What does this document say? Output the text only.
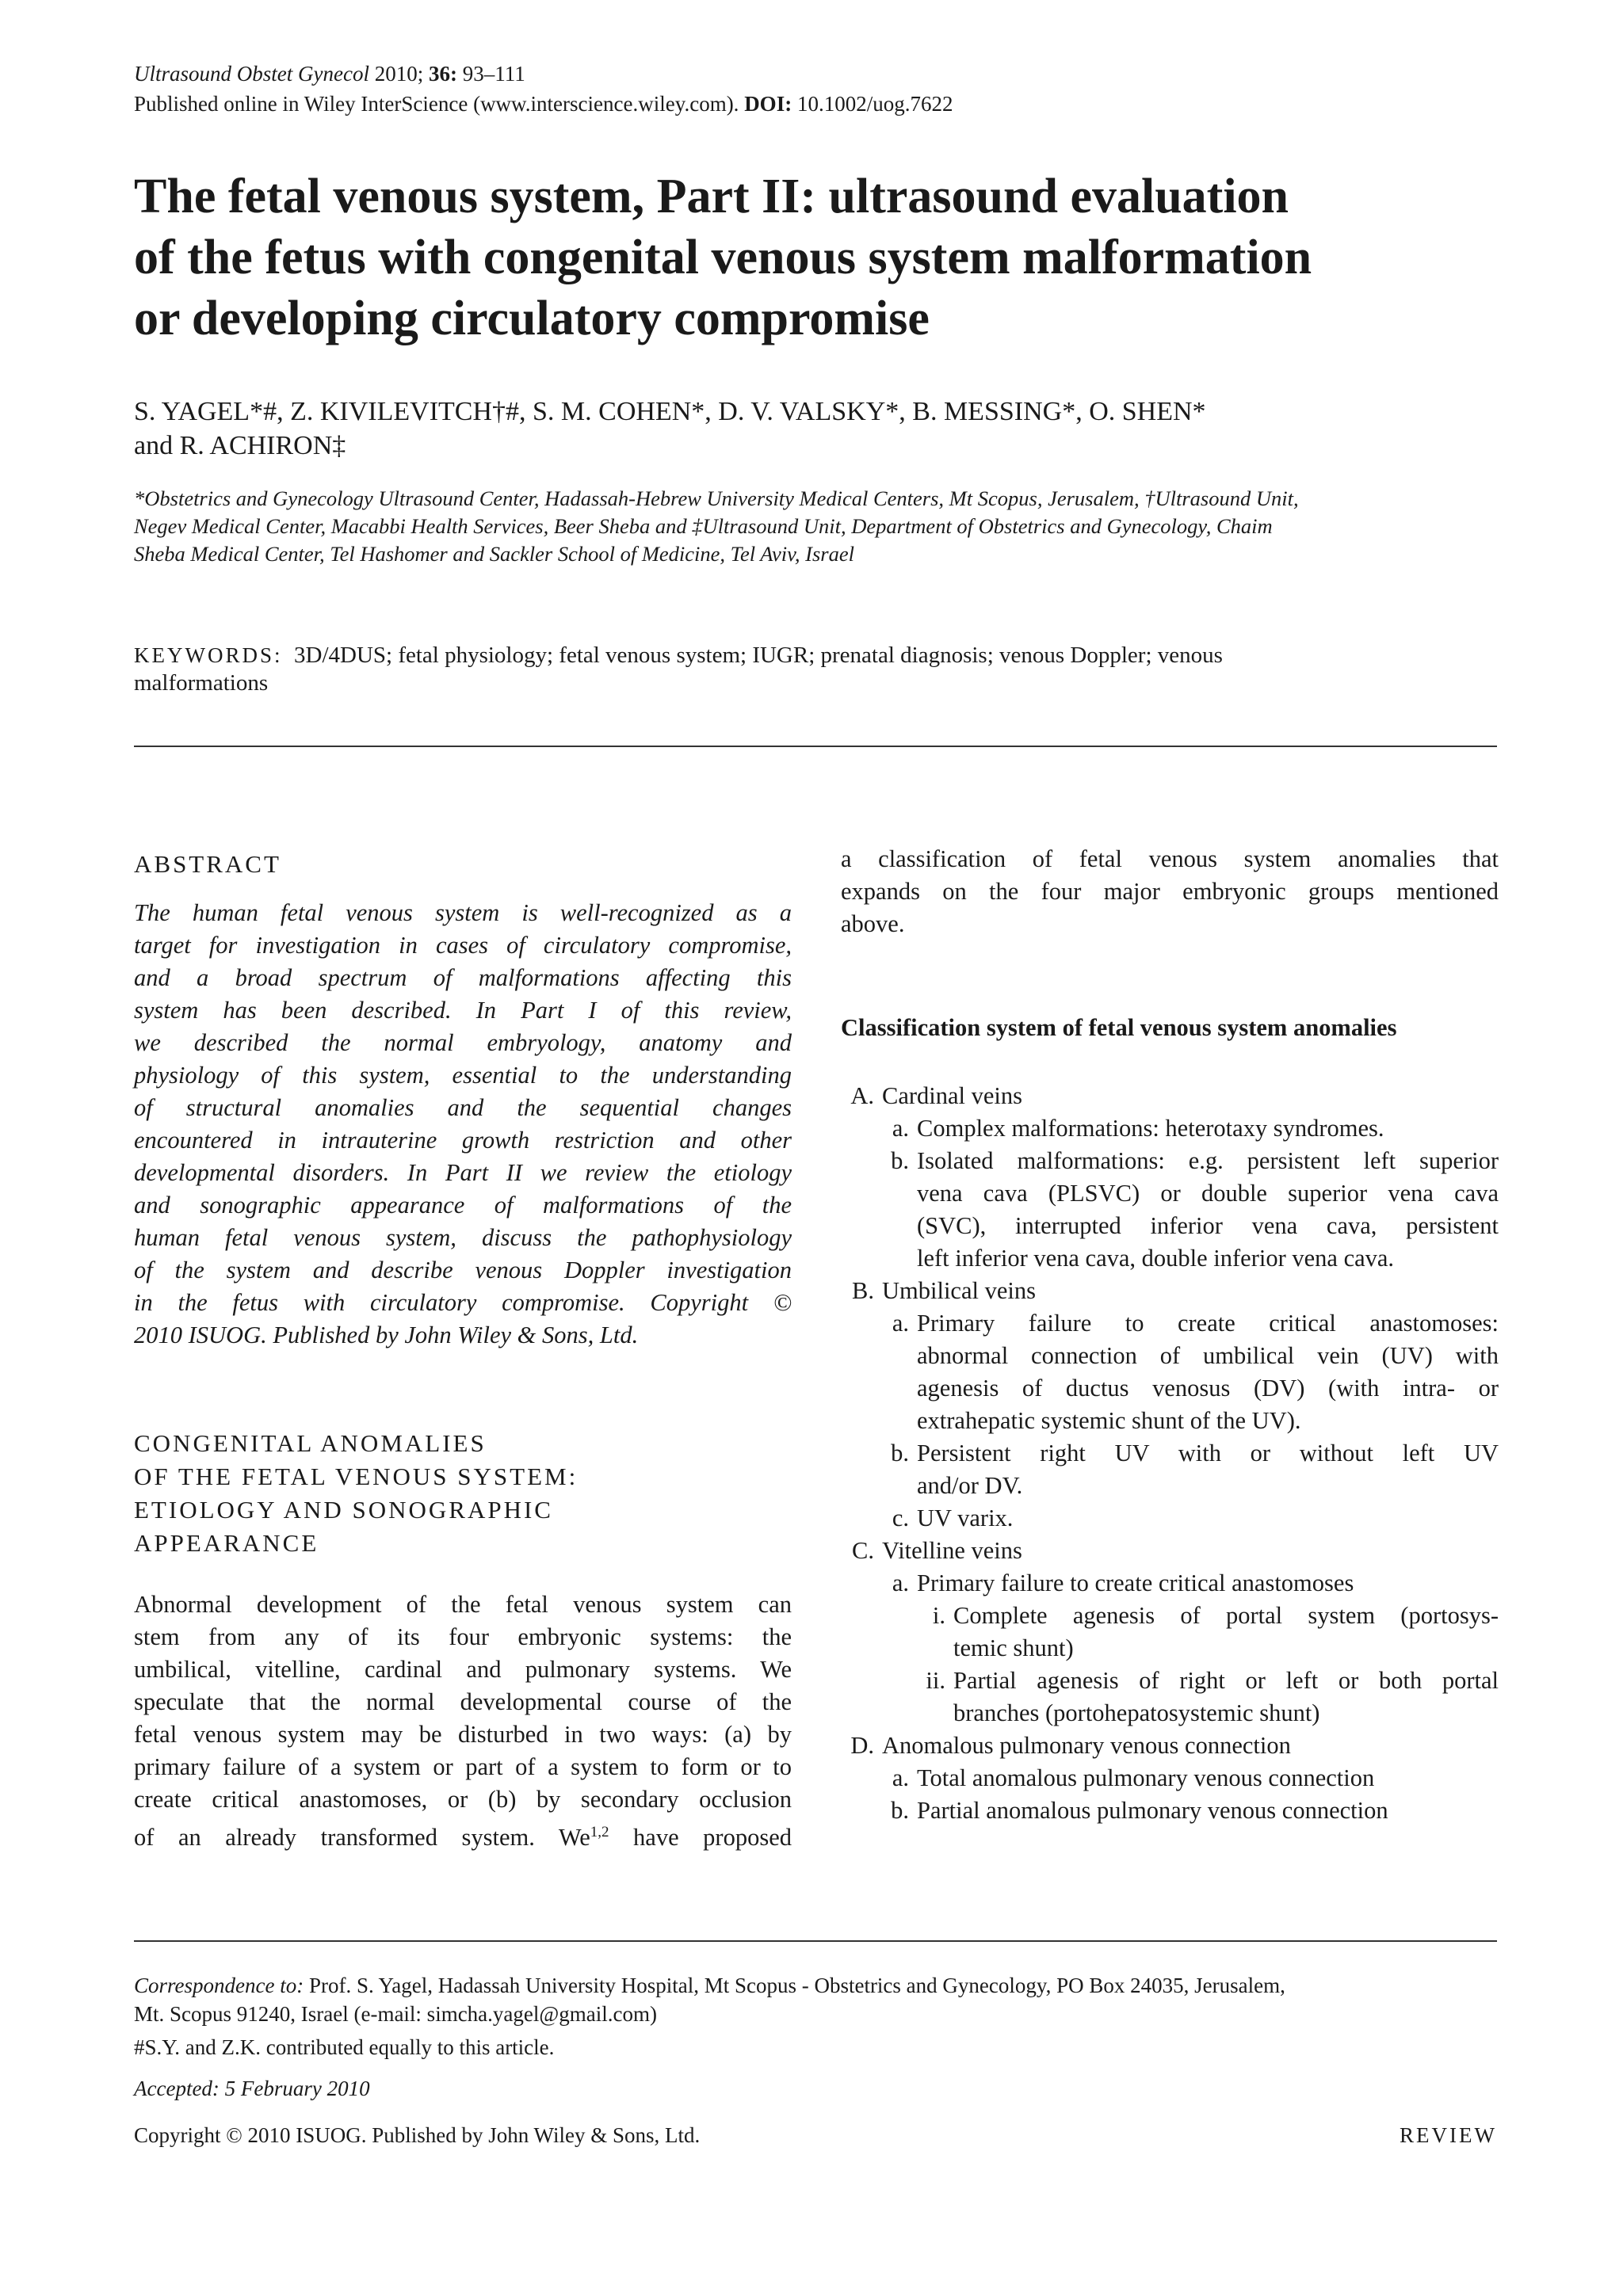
Ultrasound Obstet Gynecol 2010; 36: 93–111
Published online in Wiley InterScience (www.interscience.wiley.com). DOI: 10.1002/uog.7622
The fetal venous system, Part II: ultrasound evaluation
of the fetus with congenital venous system malformation
or developing circulatory compromise
S. YAGEL*#, Z. KIVILEVITCH†#, S. M. COHEN*, D. V. VALSKY*, B. MESSING*, O. SHEN*
and R. ACHIRON‡
*Obstetrics and Gynecology Ultrasound Center, Hadassah-Hebrew University Medical Centers, Mt Scopus, Jerusalem, †Ultrasound Unit,
Negev Medical Center, Macabbi Health Services, Beer Sheba and ‡Ultrasound Unit, Department of Obstetrics and Gynecology, Chaim
Sheba Medical Center, Tel Hashomer and Sackler School of Medicine, Tel Aviv, Israel
KEYWORDS: 3D/4DUS; fetal physiology; fetal venous system; IUGR; prenatal diagnosis; venous Doppler; venous
malformations
ABSTRACT
The human fetal venous system is well-recognized as a
target for investigation in cases of circulatory compromise,
and a broad spectrum of malformations affecting this
system has been described. In Part I of this review,
we described the normal embryology, anatomy and
physiology of this system, essential to the understanding
of structural anomalies and the sequential changes
encountered in intrauterine growth restriction and other
developmental disorders. In Part II we review the etiology
and sonographic appearance of malformations of the
human fetal venous system, discuss the pathophysiology
of the system and describe venous Doppler investigation
in the fetus with circulatory compromise. Copyright ©
2010 ISUOG. Published by John Wiley & Sons, Ltd.
CONGENITAL ANOMALIES
OF THE FETAL VENOUS SYSTEM:
ETIOLOGY AND SONOGRAPHIC
APPEARANCE
Abnormal development of the fetal venous system can
stem from any of its four embryonic systems: the
umbilical, vitelline, cardinal and pulmonary systems. We
speculate that the normal developmental course of the
fetal venous system may be disturbed in two ways: (a) by
primary failure of a system or part of a system to form or to
create critical anastomoses, or (b) by secondary occlusion
of an already transformed system. We$^{1,2}$ have proposed
a classification of fetal venous system anomalies that
expands on the four major embryonic groups mentioned
above.
Classification system of fetal venous system anomalies
A. Cardinal veins
a. Complex malformations: heterotaxy syndromes.
b. Isolated malformations: e.g. persistent left superior
vena cava (PLSVC) or double superior vena cava
(SVC), interrupted inferior vena cava, persistent
left inferior vena cava, double inferior vena cava.
B. Umbilical veins
a. Primary failure to create critical anastomoses:
abnormal connection of umbilical vein (UV) with
agenesis of ductus venosus (DV) (with intra- or
extrahepatic systemic shunt of the UV).
b. Persistent right UV with or without left UV
and/or DV.
c. UV varix.
C. Vitelline veins
a. Primary failure to create critical anastomoses
i. Complete agenesis of portal system (portosys-
temic shunt)
ii. Partial agenesis of right or left or both portal
branches (portohepatosystemic shunt)
D. Anomalous pulmonary venous connection
a. Total anomalous pulmonary venous connection
b. Partial anomalous pulmonary venous connection
Correspondence to: Prof. S. Yagel, Hadassah University Hospital, Mt Scopus - Obstetrics and Gynecology, PO Box 24035, Jerusalem,
Mt. Scopus 91240, Israel (e-mail: simcha.yagel@gmail.com)
#S.Y. and Z.K. contributed equally to this article.
Accepted: 5 February 2010
Copyright © 2010 ISUOG. Published by John Wiley & Sons, Ltd.	REVIEW
